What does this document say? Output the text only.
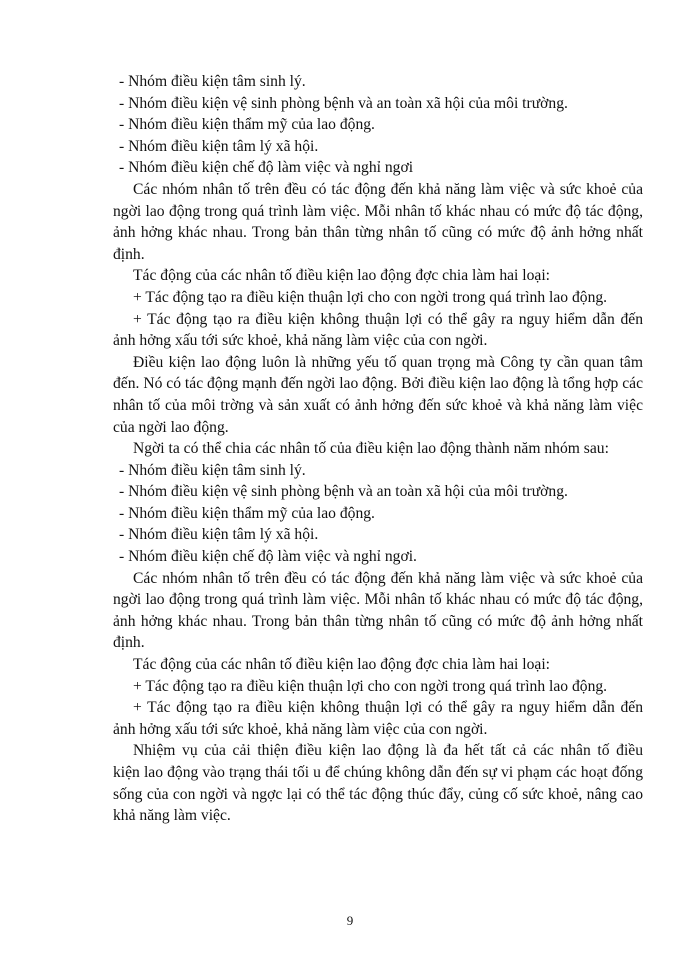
- Nhóm điều kiện tâm sinh lý.

- Nhóm điều kiện vệ sinh phòng bệnh và an toàn xã hội của môi trường.

- Nhóm điều kiện thẩm mỹ của lao động.

- Nhóm điều kiện tâm lý xã hội.

- Nhóm điều kiện chế độ làm việc và nghỉ ngơi

Các nhóm nhân tố trên đều có tác động đến khả năng làm việc và sức khoẻ của

ngời lao động trong quá trình làm việc. Mỗi nhân tố khác nhau có mức độ tác động,

ảnh hởng khác nhau. Trong bản thân từng nhân tố cũng có mức độ ảnh hởng nhất

định.

Tác động của các nhân tố điều kiện lao động đợc chia làm hai loại:

+ Tác động tạo ra điều kiện thuận lợi cho con ngời trong quá trình lao động.

+ Tác động tạo ra điều kiện không thuận lợi có thể gây ra nguy hiểm dẫn đến

ảnh hởng xấu tới sức khoẻ, khả năng làm việc của con ngời.

Điều kiện lao động luôn là những yếu tố quan trọng mà Công ty cần quan tâm

đến. Nó có tác động mạnh đến ngời lao động. Bởi điều kiện lao động là tổng hợp các

nhân tố của môi trờng và sản xuất có ảnh hởng đến sức khoẻ và khả năng làm việc

của ngời lao động.

Ngời ta có thể chia các nhân tố của điều kiện lao động thành năm nhóm sau:

- Nhóm điều kiện tâm sinh lý.

- Nhóm điều kiện vệ sinh phòng bệnh và an toàn xã hội của môi trường.

- Nhóm điều kiện thẩm mỹ của lao động.

- Nhóm điều kiện tâm lý xã hội.

- Nhóm điều kiện chế độ làm việc và nghỉ ngơi.

Các nhóm nhân tố trên đều có tác động đến khả năng làm việc và sức khoẻ của

ngời lao động trong quá trình làm việc. Mỗi nhân tố khác nhau có mức độ tác động,

ảnh hởng khác nhau. Trong bản thân từng nhân tố cũng có mức độ ảnh hởng nhất

định.

Tác động của các nhân tố điều kiện lao động đợc chia làm hai loại:

+ Tác động tạo ra điều kiện thuận lợi cho con ngời trong quá trình lao động.

+ Tác động tạo ra điều kiện không thuận lợi có thể gây ra nguy hiểm dẫn đến

ảnh hởng xấu tới sức khoẻ, khả năng làm việc của con ngời.

Nhiệm vụ của cải thiện điều kiện lao động là đa hết tất cả các nhân tố điều

kiện lao động vào trạng thái tối u để chúng không dẫn đến sự vi phạm các hoạt đống

sống của con ngời và ngợc lại có thể tác động thúc đẩy, củng cố sức khoẻ, nâng cao

khả năng làm việc.

9
